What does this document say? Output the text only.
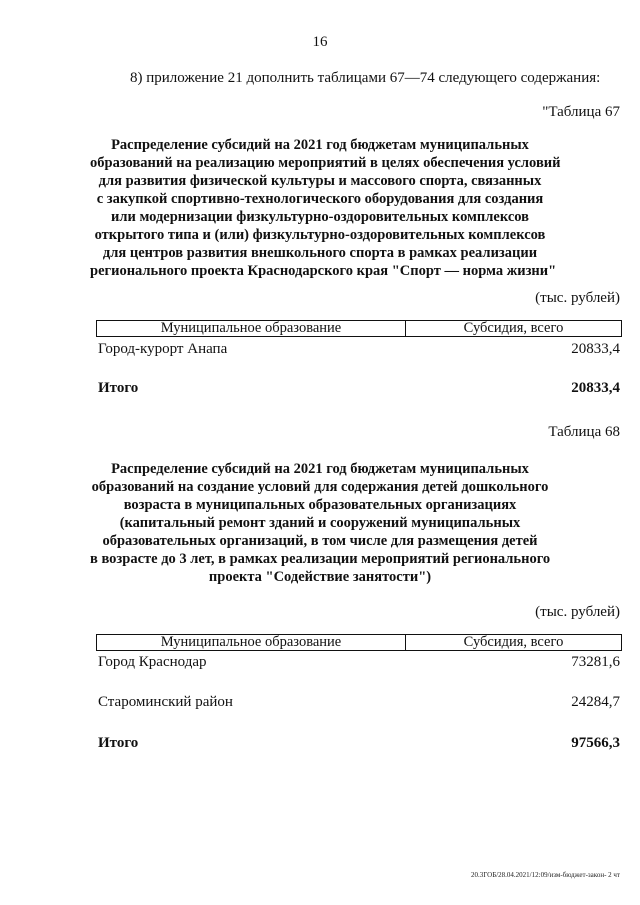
16
8) приложение 21 дополнить таблицами 67—74 следующего содержания:
"Таблица 67
Распределение субсидий на 2021 год бюджетам муниципальных
образований на реализацию мероприятий в целях обеспечения условий
для развития физической культуры и массового спорта, связанных
с закупкой спортивно-технологического оборудования для создания
или модернизации физкультурно-оздоровительных комплексов
открытого типа и (или) физкультурно-оздоровительных комплексов
для центров развития внешкольного спорта в рамках реализации
регионального проекта Краснодарского края "Спорт — норма жизни"
(тыс. рублей)
Муниципальное образование	Субсидия, всего
Город-курорт Анапа	20833,4
Итого	20833,4
Таблица 68
Распределение субсидий на 2021 год бюджетам муниципальных
образований на создание условий для содержания детей дошкольного
возраста в муниципальных образовательных организациях
(капитальный ремонт зданий и сооружений муниципальных
образовательных организаций, в том числе для размещения детей
в возрасте до 3 лет, в рамках реализации мероприятий регионального
проекта "Содействие занятости")
(тыс. рублей)
Муниципальное образование	Субсидия, всего
Город Краснодар	73281,6
Староминский район	24284,7
Итого	97566,3
20.3ГОБ/28.04.2021/12:09/изм-бюджет-закон- 2 чт
